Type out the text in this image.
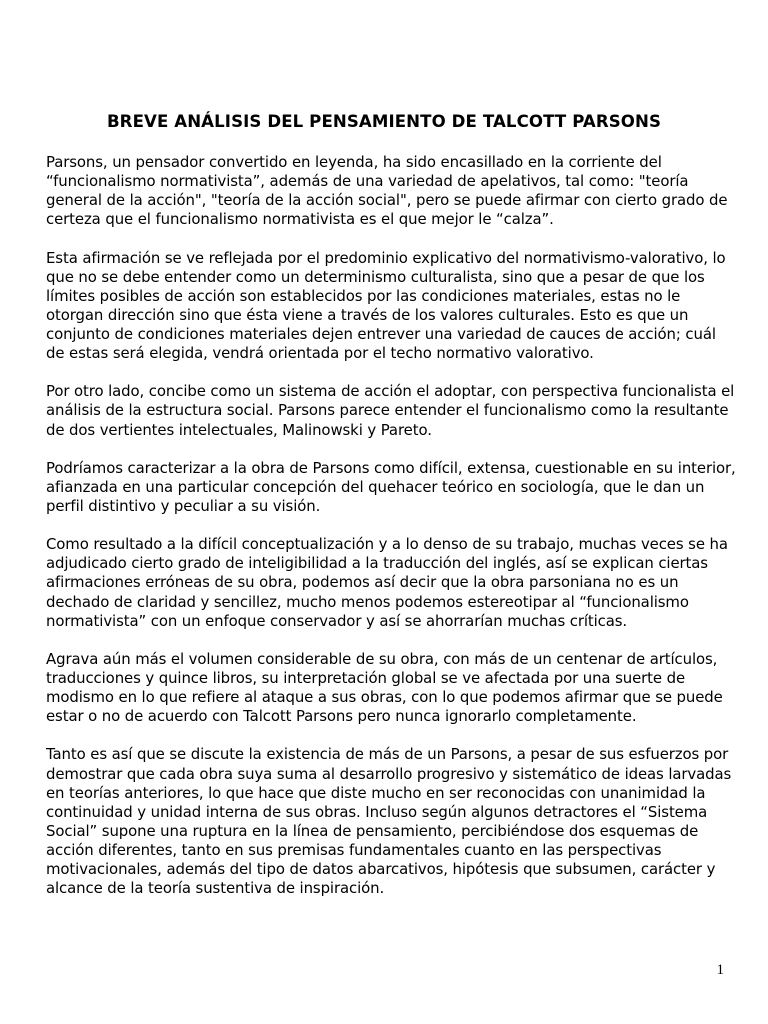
BREVE ANÁLISIS DEL PENSAMIENTO DE TALCOTT PARSONS

Parsons, un pensador convertido en leyenda, ha sido encasillado en la corriente del “funcionalismo normativista”, además de una variedad de apelativos, tal como: "teoría general de la acción", "teoría de la acción social", pero se puede afirmar con cierto grado de certeza que el funcionalismo normativista es el que mejor le “calza”.

Esta afirmación se ve reflejada por el predominio explicativo del normativismo-valorativo, lo que no se debe entender como un determinismo culturalista, sino que a pesar de que los límites posibles de acción son establecidos por las condiciones materiales, estas no le otorgan dirección sino que ésta viene a través de los valores culturales. Esto es que un conjunto de condiciones materiales dejen entrever una variedad de cauces de acción; cuál de estas será elegida, vendrá orientada por el techo normativo valorativo.

Por otro lado, concibe como un sistema de acción el adoptar, con perspectiva funcionalista el análisis de la estructura social. Parsons parece entender el funcionalismo como la resultante de dos vertientes intelectuales, Malinowski y Pareto.

Podríamos caracterizar a la obra de Parsons como difícil, extensa, cuestionable en su interior, afianzada en una particular concepción del quehacer teórico en sociología, que le dan un perfil distintivo y peculiar a su visión.

Como resultado a la difícil conceptualización y a lo denso de su trabajo, muchas veces se ha adjudicado cierto grado de inteligibilidad a la traducción del inglés, así se explican ciertas afirmaciones erróneas de su obra, podemos así decir que la obra parsoniana no es un dechado de claridad y sencillez, mucho menos podemos estereotipar al “funcionalismo normativista” con un enfoque conservador y así se ahorrarían muchas críticas.

Agrava aún más el volumen considerable de su obra, con más de un centenar de artículos, traducciones y quince libros, su interpretación global se ve afectada por una suerte de modismo en lo que refiere al ataque a sus obras, con lo que podemos afirmar que se puede estar o no de acuerdo con Talcott Parsons pero nunca ignorarlo completamente.

Tanto es así que se discute la existencia de más de un Parsons, a pesar de sus esfuerzos por demostrar que cada obra suya suma al desarrollo progresivo y sistemático de ideas larvadas en teorías anteriores, lo que hace que diste mucho en ser reconocidas con unanimidad la continuidad y unidad interna de sus obras. Incluso según algunos detractores el “Sistema Social” supone una ruptura en la línea de pensamiento, percibiéndose dos esquemas de acción diferentes, tanto en sus premisas fundamentales cuanto en las perspectivas motivacionales, además del tipo de datos abarcativos, hipótesis que subsumen, carácter y alcance de la teoría sustentiva de inspiración.

1
